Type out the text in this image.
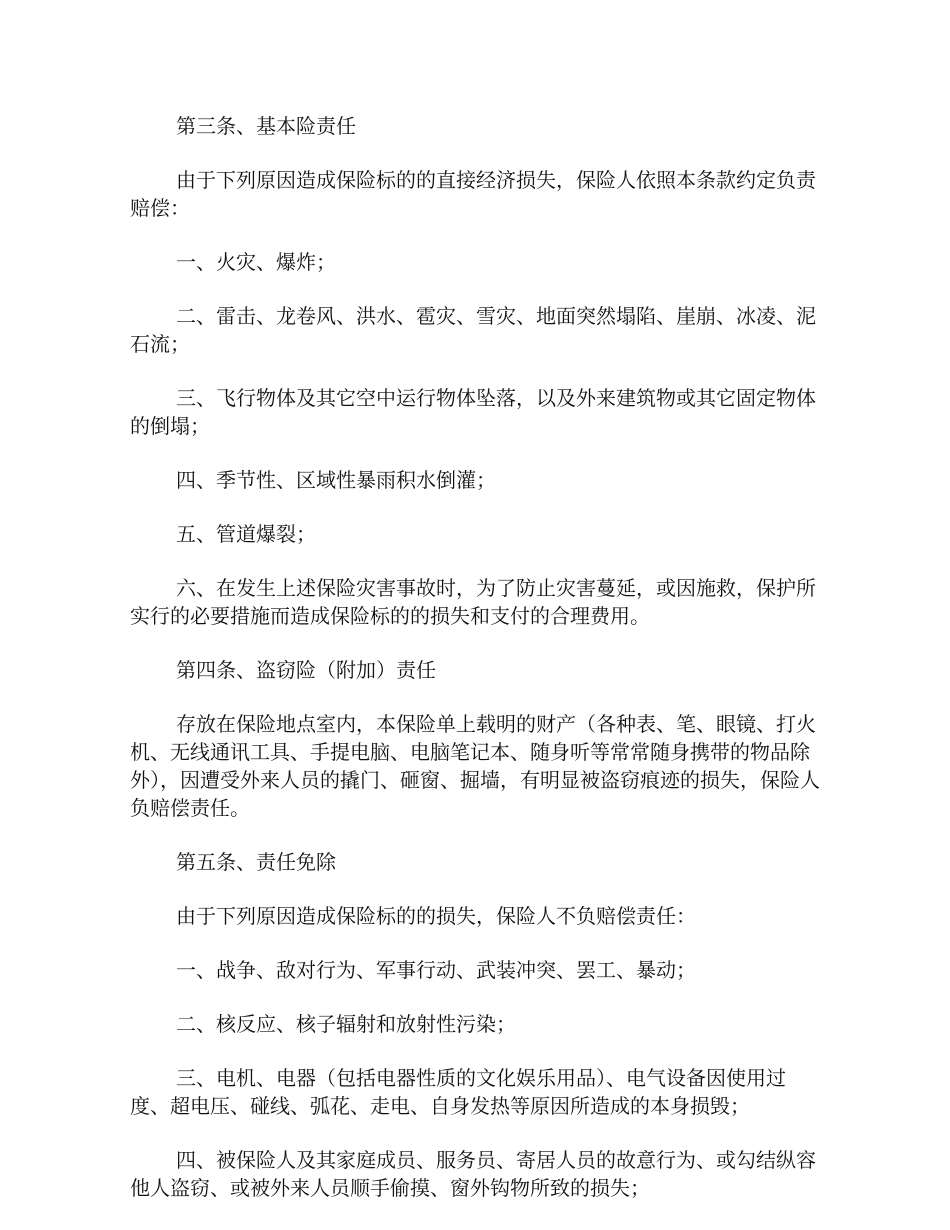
第三条、基本险责任

由于下列原因造成保险标的的直接经济损失，保险人依照本条款约定负责赔偿：

一、火灾、爆炸；

二、雷击、龙卷风、洪水、雹灾、雪灾、地面突然塌陷、崖崩、冰凌、泥石流；

三、飞行物体及其它空中运行物体坠落，以及外来建筑物或其它固定物体的倒塌；

四、季节性、区域性暴雨积水倒灌；

五、管道爆裂；

六、在发生上述保险灾害事故时，为了防止灾害蔓延，或因施救，保护所实行的必要措施而造成保险标的的损失和支付的合理费用。

第四条、盗窃险（附加）责任

存放在保险地点室内，本保险单上载明的财产（各种表、笔、眼镜、打火机、无线通讯工具、手提电脑、电脑笔记本、随身听等常常随身携带的物品除外），因遭受外来人员的撬门、砸窗、掘墙，有明显被盗窃痕迹的损失，保险人负赔偿责任。

第五条、责任免除

由于下列原因造成保险标的的损失，保险人不负赔偿责任：

一、战争、敌对行为、军事行动、武装冲突、罢工、暴动；

二、核反应、核子辐射和放射性污染；

三、电机、电器（包括电器性质的文化娱乐用品）、电气设备因使用过度、超电压、碰线、弧花、走电、自身发热等原因所造成的本身损毁；

四、被保险人及其家庭成员、服务员、寄居人员的故意行为、或勾结纵容他人盗窃、或被外来人员顺手偷摸、窗外钩物所致的损失；
